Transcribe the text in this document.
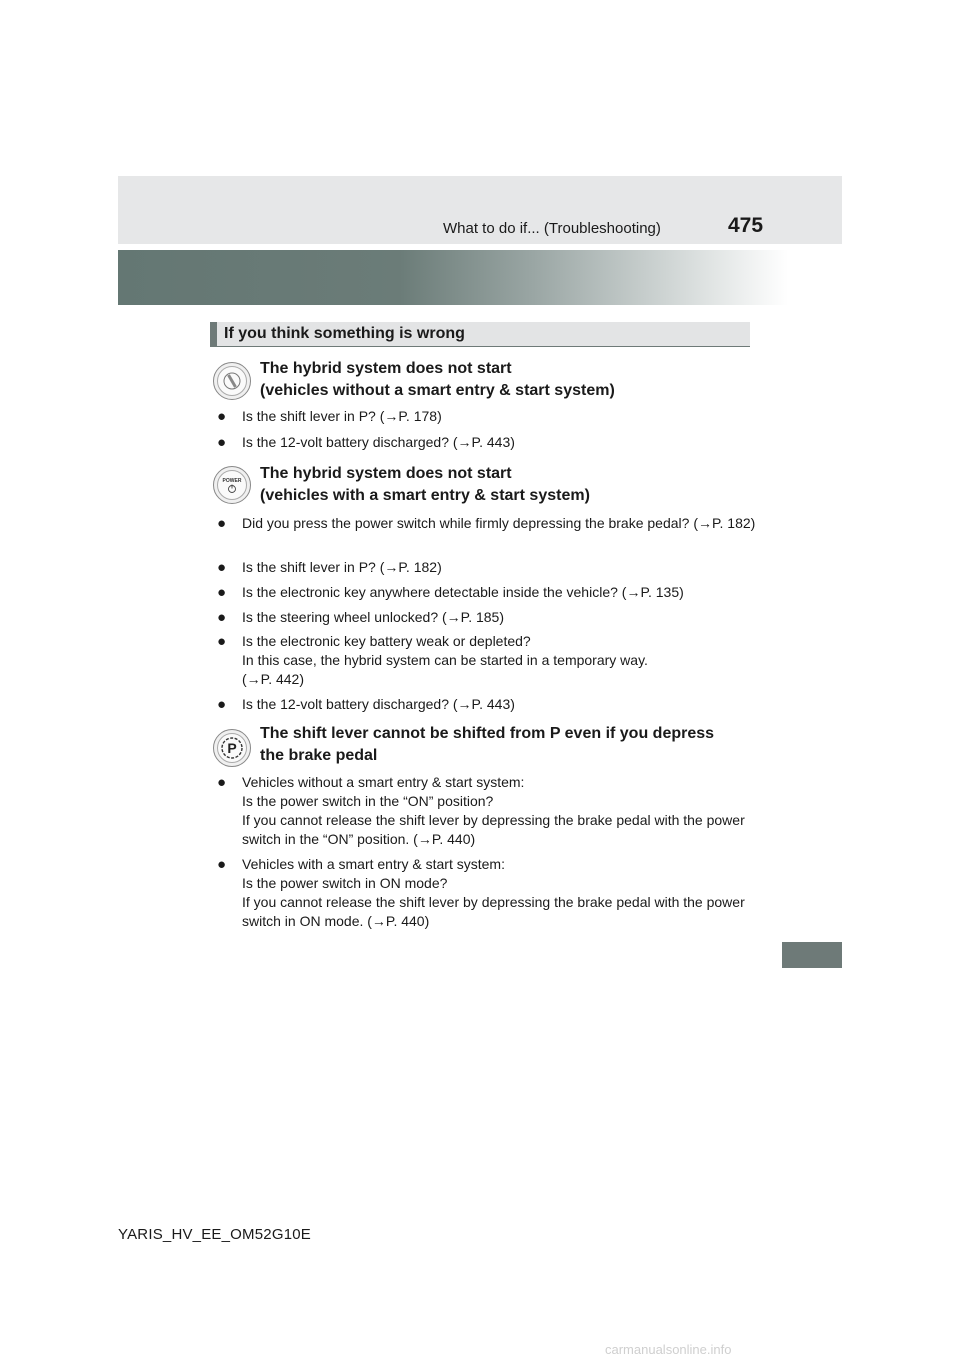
What to do if... (Troubleshooting)	475
If you think something is wrong
The hybrid system does not start
(vehicles without a smart entry & start system)
● Is the shift lever in P? (→P. 178)
● Is the 12-volt battery discharged? (→P. 443)
POWER The hybrid system does not start
(vehicles with a smart entry & start system)
● Did you press the power switch while firmly depressing the brake pedal? (→P. 182)
● Is the shift lever in P? (→P. 182)
● Is the electronic key anywhere detectable inside the vehicle? (→P. 135)
● Is the steering wheel unlocked? (→P. 185)
● Is the electronic key battery weak or depleted?
In this case, the hybrid system can be started in a temporary way.
(→P. 442)
● Is the 12-volt battery discharged? (→P. 443)
P
The shift lever cannot be shifted from P even if you depress
the brake pedal
● Vehicles without a smart entry & start system:
Is the power switch in the “ON” position?
If you cannot release the shift lever by depressing the brake pedal with the power switch in the “ON” position. (→P. 440)
● Vehicles with a smart entry & start system:
Is the power switch in ON mode?
If you cannot release the shift lever by depressing the brake pedal with the power switch in ON mode. (→P. 440)
YARIS_HV_EE_OM52G10E
carmanualsonline.info
